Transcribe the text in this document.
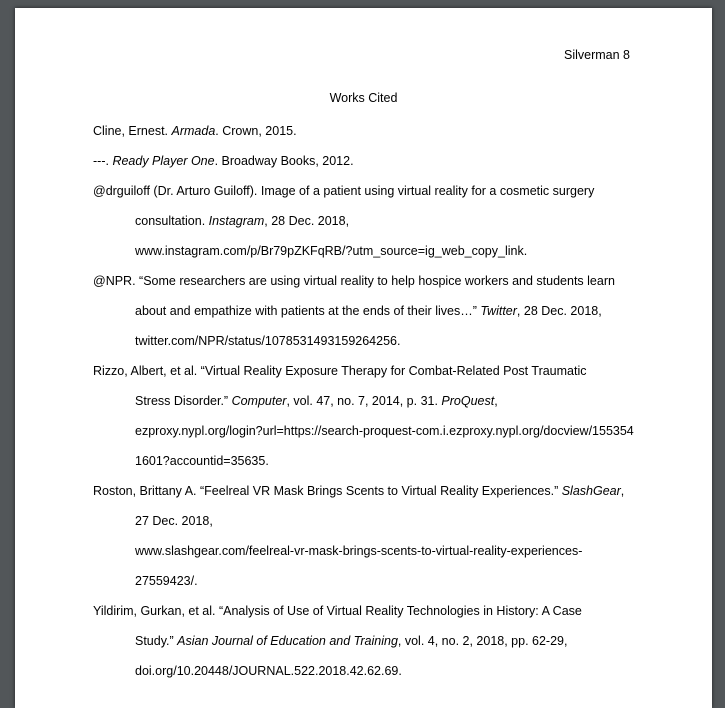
Silverman 8
Works Cited
Cline, Ernest. Armada. Crown, 2015.
---. Ready Player One. Broadway Books, 2012.
@drguiloff (Dr. Arturo Guiloff). Image of a patient using virtual reality for a cosmetic surgery
consultation. Instagram, 28 Dec. 2018,
www.instagram.com/p/Br79pZKFqRB/?utm_source=ig_web_copy_link.
@NPR. “Some researchers are using virtual reality to help hospice workers and students learn
about and empathize with patients at the ends of their lives…” Twitter, 28 Dec. 2018,
twitter.com/NPR/status/1078531493159264256.
Rizzo, Albert, et al. “Virtual Reality Exposure Therapy for Combat-Related Post Traumatic
Stress Disorder.” Computer, vol. 47, no. 7, 2014, p. 31. ProQuest,
ezproxy.nypl.org/login?url=https://search-proquest-com.i.ezproxy.nypl.org/docview/155354
1601?accountid=35635.
Roston, Brittany A. “Feelreal VR Mask Brings Scents to Virtual Reality Experiences.” SlashGear,
27 Dec. 2018,
www.slashgear.com/feelreal-vr-mask-brings-scents-to-virtual-reality-experiences-
27559423/.
Yildirim, Gurkan, et al. “Analysis of Use of Virtual Reality Technologies in History: A Case
Study.” Asian Journal of Education and Training, vol. 4, no. 2, 2018, pp. 62-29,
doi.org/10.20448/JOURNAL.522.2018.42.62.69.
